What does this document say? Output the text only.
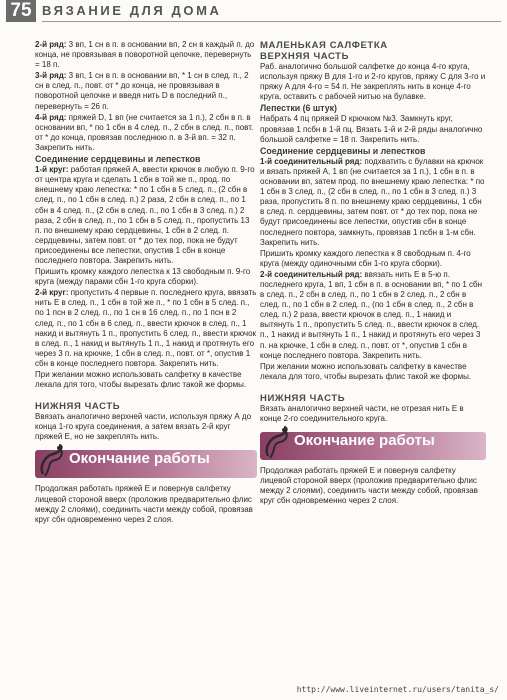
75 ВЯЗАНИЕ ДЛЯ ДОМА

2-й ряд: 3 вп, 1 сн в п. в основании вп, 2 сн в каждый п. до конца, не провязывая в поворотной цепочке, перевернуть = 18 п.

3-й ряд: 3 вп, 1 сн в п. в основании вп, * 1 сн в след. п., 2 сн в след. п., повт. от * до конца, не провязывая в поворотной цепочке и введя нить D в последний п., перевернуть = 26 п.

4-й ряд: пряжей D, 1 вп (не считается за 1 п.), 2 сбн в п. в основании вп, * по 1 сбн в 4 след. п., 2 сбн в след. п., повт. от * до конца, провязав последнюю п. в 3-й вп. = 32 п. Закрепить нить.

Соединение сердцевины и лепестков

1-й круг: работая пряжей А, ввести крючок в любую п. 9-го от центра круга и сделать 1 сбн в той же п., прод. по внешнему краю лепестка: * по 1 сбн в 5 след. п., (2 сбн в след. п., по 1 сбн в след. п.) 2 раза, 2 сбн в след. п., по 1 сбн в 4 след. п., (2 сбн в след. п., по 1 сбн в 3 след. п.) 2 раза, 2 сбн в след. п., по 1 сбн в 5 след. п., пропустить 13 п. по внешнему краю сердцевины, 1 сбн в 2 след. п. сердцевины, затем повт. от * до тех пор, пока не будут присоединены все лепестки, опустив 1 сбн в конце последнего повтора. Закрепить нить.

Пришить кромку каждого лепестка к 13 свободным п. 9-го круга (между парами сбн 1-го круга сборки).

2-й круг: пропустить 4 первые п. последнего круга, ввязать нить E в след. п., 1 сбн в той же п., * по 1 сбн в 5 след. п., по 1 псн в 2 след. п., по 1 сн в 16 след. п., по 1 псн в 2 след. п., по 1 сбн в 6 след. п., ввести крючок в след. п., 1 накид и вытянуть 1 п., пропустить 6 след. п., ввести крючок в след. п., 1 накид и вытянуть 1 п., 1 накид и протянуть его через 3 п. на крючке, 1 сбн в след. п., повт. от *, опустив 1 сбн в конце последнего повтора. Закрепить нить.

При желании можно использовать салфетку в качестве лекала для того, чтобы вырезать флис такой же формы.

НИЖНЯЯ ЧАСТЬ

Ввязать аналогично верхней части, используя пряжу А до конца 1-го круга соединения, а затем вязать 2-й круг пряжей E, но не закреплять нить.

Окончание работы

Продолжая работать пряжей E и повернув салфетку лицевой стороной вверх (проложив предварительно флис между 2 слоями), соединить части между собой, провязав круг сбн одновременно через 2 слоя.

МАЛЕНЬКАЯ САЛФЕТКА
ВЕРХНЯЯ ЧАСТЬ

Раб. аналогично большой салфетке до конца 4-го круга, используя пряжу B для 1-го и 2-го кругов, пряжу C для 3-го и пряжу A для 4-го = 54 п. Не закреплять нить в конце 4-го круга, оставить с рабочей нитью на булавке.

Лепестки (6 штук)

Набрать 4 пц пряжей D крючком №3. Замкнуть круг, провязав 1 псбн в 1-й пц. Вязать 1-й и 2-й ряды аналогично большой салфетке = 18 п. Закрепить нить.

Соединение сердцевины и лепестков

1-й соединительный ряд: подхватить с булавки на крючок и вязать пряжей A, 1 вп (не считается за 1 п.), 1 сбн в п. в основании вп, затем прод. по внешнему краю лепестка: * по 1 сбн в 3 след. п., (2 сбн в след. п., по 1 сбн в 3 след. п.) 3 раза, пропустить 8 п. по внешнему краю сердцевины, 1 сбн в след. п. сердцевины, затем повт. от * до тех пор, пока не будут присоединены все лепестки, опустив сбн в конце последнего повтора, замкнуть, провязав 1 псбн в 1-м сбн. Закрепить нить.

Пришить кромку каждого лепестка к 8 свободным п. 4-го круга (между одиночными сбн 1-го круга сборки).

2-й соединительный ряд: ввязать нить E в 5-ю п. последнего круга, 1 вп, 1 сбн в п. в основании вп, * по 1 сбн в след. п., 2 сбн в след. п., по 1 сбн в 2 след. п., 2 сбн в след. п., по 1 сбн в 2 след. п., (по 1 сбн в след. п., 2 сбн в след. п.) 2 раза, ввести крючок в след. п., 1 накид и вытянуть 1 п., пропустить 5 след. п., ввести крючок в след. п., 1 накид и вытянуть 1 п., 1 накид и протянуть его через 3 п. на крючке, 1 сбн в след. п., повт. от *, опустив 1 сбн в конце последнего повтора. Закрепить нить.

При желании можно использовать салфетку в качестве лекала для того, чтобы вырезать флис такой же формы.

НИЖНЯЯ ЧАСТЬ

Вязать аналогично верхней части, не отрезая нить E в конце 2-го соединительного круга.

Окончание работы

Продолжая работать пряжей E и повернув салфетку лицевой стороной вверх (проложив предварительно флис между 2 слоями), соединить части между собой, провязав круг сбн одновременно через 2 слоя.

http://www.liveinternet.ru/users/tanita_s/
